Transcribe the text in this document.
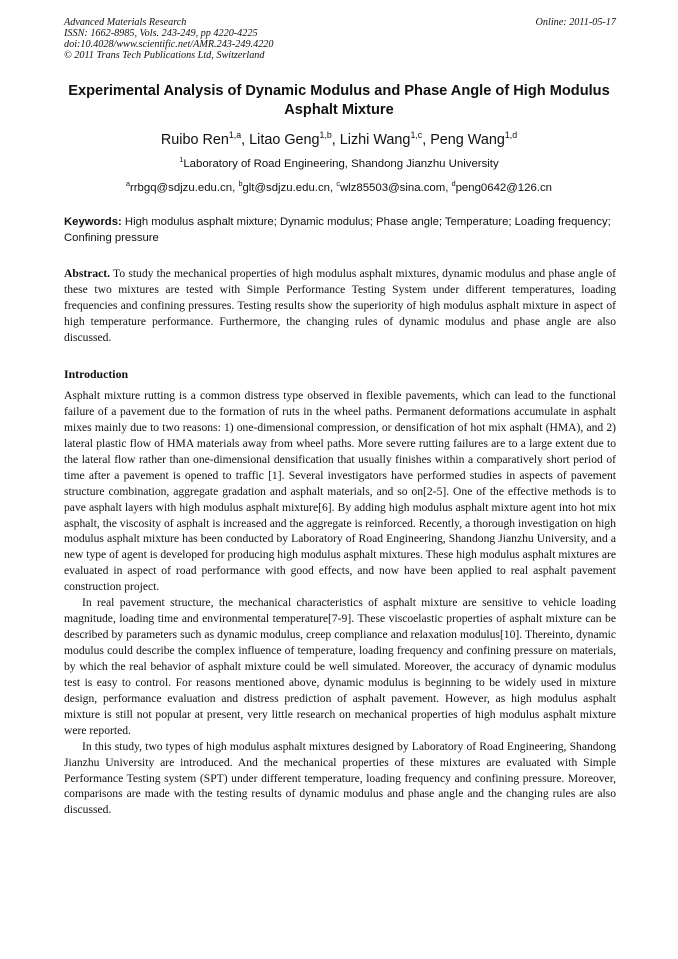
Advanced Materials Research
ISSN: 1662-8985, Vols. 243-249, pp 4220-4225
doi:10.4028/www.scientific.net/AMR.243-249.4220
© 2011 Trans Tech Publications Ltd, Switzerland
Online: 2011-05-17
Experimental Analysis of Dynamic Modulus and Phase Angle of High Modulus Asphalt Mixture
Ruibo Ren$^{1,a}$, Litao Geng$^{1,b}$, Lizhi Wang$^{1,c}$, Peng Wang$^{1,d}$
$^1$Laboratory of Road Engineering, Shandong Jianzhu University
$^a$rrbgq@sdjzu.edu.cn, $^b$glt@sdjzu.edu.cn, $^c$wlz85503@sina.com, $^d$peng0642@126.cn
Keywords: High modulus asphalt mixture; Dynamic modulus; Phase angle; Temperature; Loading frequency; Confining pressure
Abstract. To study the mechanical properties of high modulus asphalt mixtures, dynamic modulus and phase angle of these two mixtures are tested with Simple Performance Testing System under different temperatures, loading frequencies and confining pressures. Testing results show the superiority of high modulus asphalt mixture in aspect of high temperature performance. Furthermore, the changing rules of dynamic modulus and phase angle are also discussed.
Introduction

Asphalt mixture rutting is a common distress type observed in flexible pavements, which can lead to the functional failure of a pavement due to the formation of ruts in the wheel paths. Permanent deformations accumulate in asphalt mixes mainly due to two reasons: 1) one-dimensional compression, or densification of hot mix asphalt (HMA), and 2) lateral plastic flow of HMA materials away from wheel paths. More severe rutting failures are to a large extent due to the lateral flow rather than one-dimensional densification that usually finishes within a comparatively short period of time after a pavement is opened to traffic [1]. Several investigators have performed studies in aspects of pavement structure combination, aggregate gradation and asphalt materials, and so on[2-5]. One of the effective methods is to pave asphalt layers with high modulus asphalt mixture[6]. By adding high modulus asphalt mixture agent into hot mix asphalt, the viscosity of asphalt is increased and the aggregate is reinforced. Recently, a thorough investigation on high modulus asphalt mixture has been conducted by Laboratory of Road Engineering, Shandong Jianzhu University, and a new type of agent is developed for producing high modulus asphalt mixtures. These high modulus asphalt mixtures are evaluated in aspect of road performance with good effects, and now have been applied to real asphalt pavement construction project.

In real pavement structure, the mechanical characteristics of asphalt mixture are sensitive to vehicle loading magnitude, loading time and environmental temperature[7-9]. These viscoelastic properties of asphalt mixture can be described by parameters such as dynamic modulus, creep compliance and relaxation modulus[10]. Thereinto, dynamic modulus could describe the complex influence of temperature, loading frequency and confining pressure on materials, by which the real behavior of asphalt mixture could be well simulated. Moreover, the accuracy of dynamic modulus test is easy to control. For reasons mentioned above, dynamic modulus is beginning to be widely used in mixture design, performance evaluation and distress prediction of asphalt pavement. However, as high modulus asphalt mixture is still not popular at present, very little research on mechanical properties of high modulus asphalt mixture were reported.

In this study, two types of high modulus asphalt mixtures designed by Laboratory of Road Engineering, Shandong Jianzhu University are introduced. And the mechanical properties of these mixtures are evaluated with Simple Performance Testing system (SPT) under different temperature, loading frequency and confining pressure. Moreover, comparisons are made with the testing results of dynamic modulus and phase angle and the changing rules are also discussed.
